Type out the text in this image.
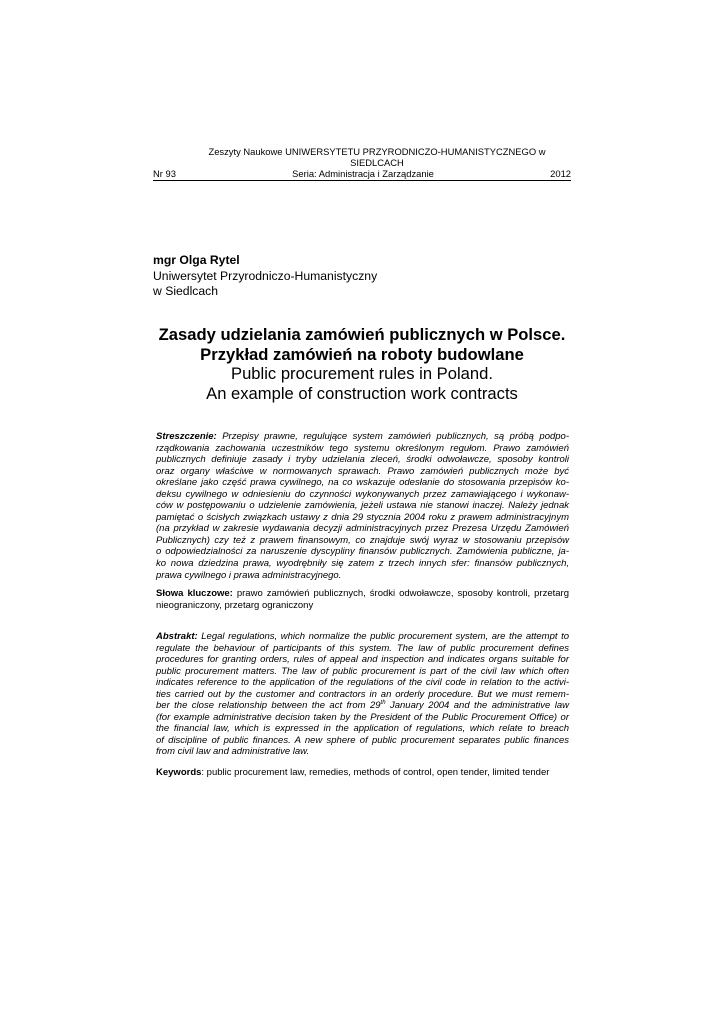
Zeszyty Naukowe UNIWERSYTETU PRZYRODNICZO-HUMANISTYCZNEGO w SIEDLCACH
Nr 93	Seria: Administracja i Zarządzanie	2012
mgr Olga Rytel
Uniwersytet Przyrodniczo-Humanistyczny
w Siedlcach
Zasady udzielania zamówień publicznych w Polsce.
Przykład zamówień na roboty budowlane
Public procurement rules in Poland.
An example of construction work contracts
Streszczenie: Przepisy prawne, regulujące system zamówień publicznych, są próbą podpo-
rządkowania zachowania uczestników tego systemu określonym regułom. Prawo zamówień
publicznych definiuje zasady i tryby udzielania zleceń, środki odwoławcze, sposoby kontroli
oraz organy właściwe w normowanych sprawach. Prawo zamówień publicznych może być
określane jako część prawa cywilnego, na co wskazuje odesłanie do stosowania przepisów ko-
deksu cywilnego w odniesieniu do czynności wykonywanych przez zamawiającego i wykonaw-
ców w postępowaniu o udzielenie zamówienia, jeżeli ustawa nie stanowi inaczej. Należy jednak
pamiętać o ścisłych związkach ustawy z dnia 29 stycznia 2004 roku z prawem administracyjnym
(na przykład w zakresie wydawania decyzji administracyjnych przez Prezesa Urzędu Zamówień
Publicznych) czy też z prawem finansowym, co znajduje swój wyraz w stosowaniu przepisów
o odpowiedzialności za naruszenie dyscypliny finansów publicznych. Zamówienia publiczne, ja-
ko nowa dziedzina prawa, wyodrębniły się zatem z trzech innych sfer: finansów publicznych,
prawa cywilnego i prawa administracyjnego.
Słowa kluczowe: prawo zamówień publicznych, środki odwoławcze, sposoby kontroli, przetarg
nieograniczony, przetarg ograniczony
Abstrakt: Legal regulations, which normalize the public procurement system, are the attempt to
regulate the behaviour of participants of this system. The law of public procurement defines
procedures for granting orders, rules of appeal and inspection and indicates organs suitable for
public procurement matters. The law of public procurement is part of the civil law which often
indicates reference to the application of the regulations of the civil code in relation to the activi-
ties carried out by the customer and contractors in an orderly procedure. But we must remem-
ber the close relationship between the act from 29th January 2004 and the administrative law
(for example administrative decision taken by the President of the Public Procurement Office) or
the financial law, which is expressed in the application of regulations, which relate to breach
of discipline of public finances. A new sphere of public procurement separates public finances
from civil law and administrative law.
Keywords: public procurement law, remedies, methods of control, open tender, limited tender
